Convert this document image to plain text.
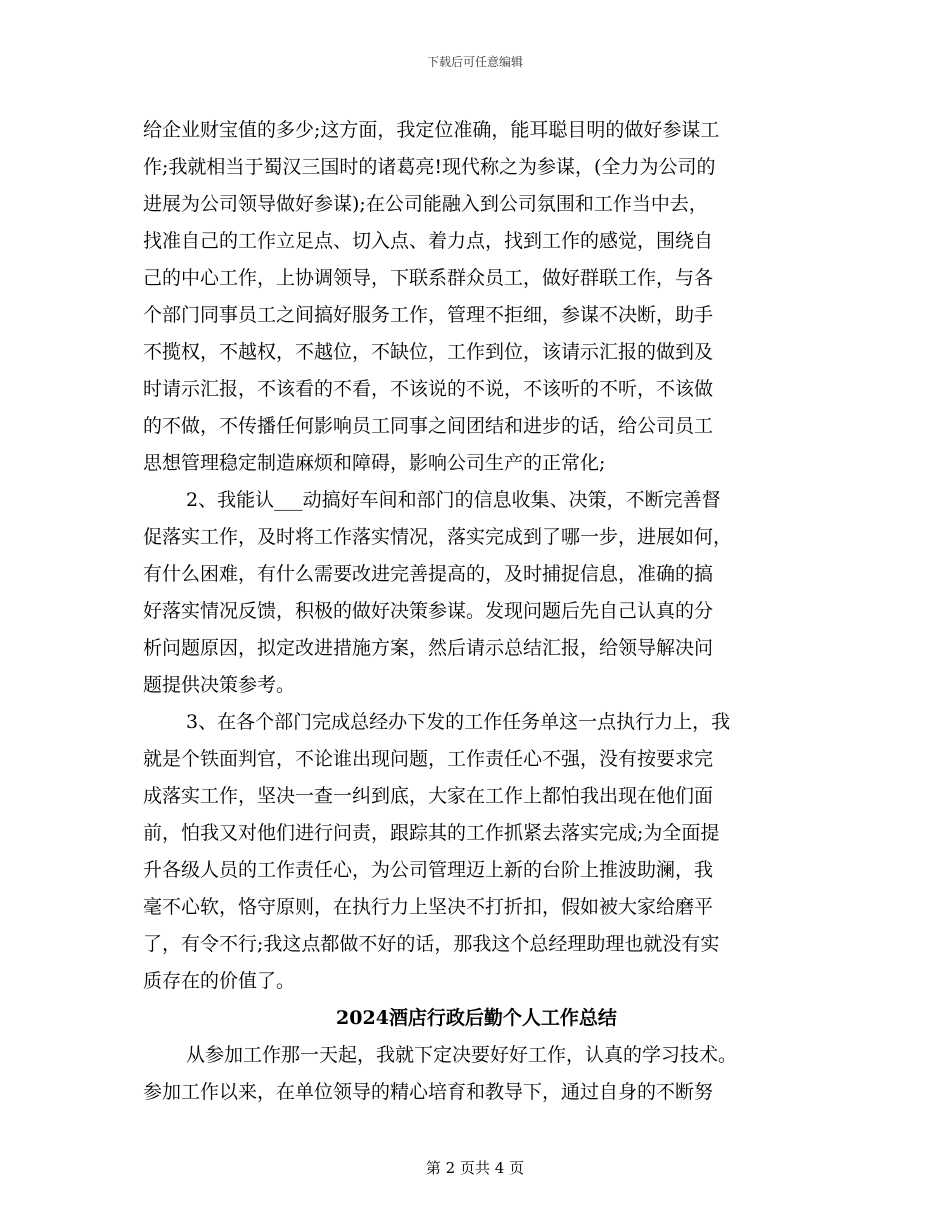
下载后可任意编辑
给企业财宝值的多少;这方面，我定位准确，能耳聪目明的做好参谋工
作;我就相当于蜀汉三国时的诸葛亮!现代称之为参谋，(全力为公司的
进展为公司领导做好参谋);在公司能融入到公司氛围和工作当中去，
找准自己的工作立足点、切入点、着力点，找到工作的感觉，围绕自
己的中心工作，上协调领导，下联系群众员工，做好群联工作，与各
个部门同事员工之间搞好服务工作，管理不拒细，参谋不决断，助手
不揽权，不越权，不越位，不缺位，工作到位，该请示汇报的做到及
时请示汇报，不该看的不看，不该说的不说，不该听的不听，不该做
的不做，不传播任何影响员工同事之间团结和进步的话，给公司员工
思想管理稳定制造麻烦和障碍，影响公司生产的正常化;
2、我能认___动搞好车间和部门的信息收集、决策，不断完善督
促落实工作，及时将工作落实情况，落实完成到了哪一步，进展如何，
有什么困难，有什么需要改进完善提高的，及时捕捉信息，准确的搞
好落实情况反馈，积极的做好决策参谋。发现问题后先自己认真的分
析问题原因，拟定改进措施方案，然后请示总结汇报，给领导解决问
题提供决策参考。
3、在各个部门完成总经办下发的工作任务单这一点执行力上，我
就是个铁面判官，不论谁出现问题，工作责任心不强，没有按要求完
成落实工作，坚决一查一纠到底，大家在工作上都怕我出现在他们面
前，怕我又对他们进行问责，跟踪其的工作抓紧去落实完成;为全面提
升各级人员的工作责任心，为公司管理迈上新的台阶上推波助澜，我
毫不心软，恪守原则，在执行力上坚决不打折扣，假如被大家给磨平
了，有令不行;我这点都做不好的话，那我这个总经理助理也就没有实
质存在的价值了。
2024酒店行政后勤个人工作总结
从参加工作那一天起，我就下定决要好好工作，认真的学习技术。
参加工作以来，在单位领导的精心培育和教导下，通过自身的不断努
第 2 页共 4 页
